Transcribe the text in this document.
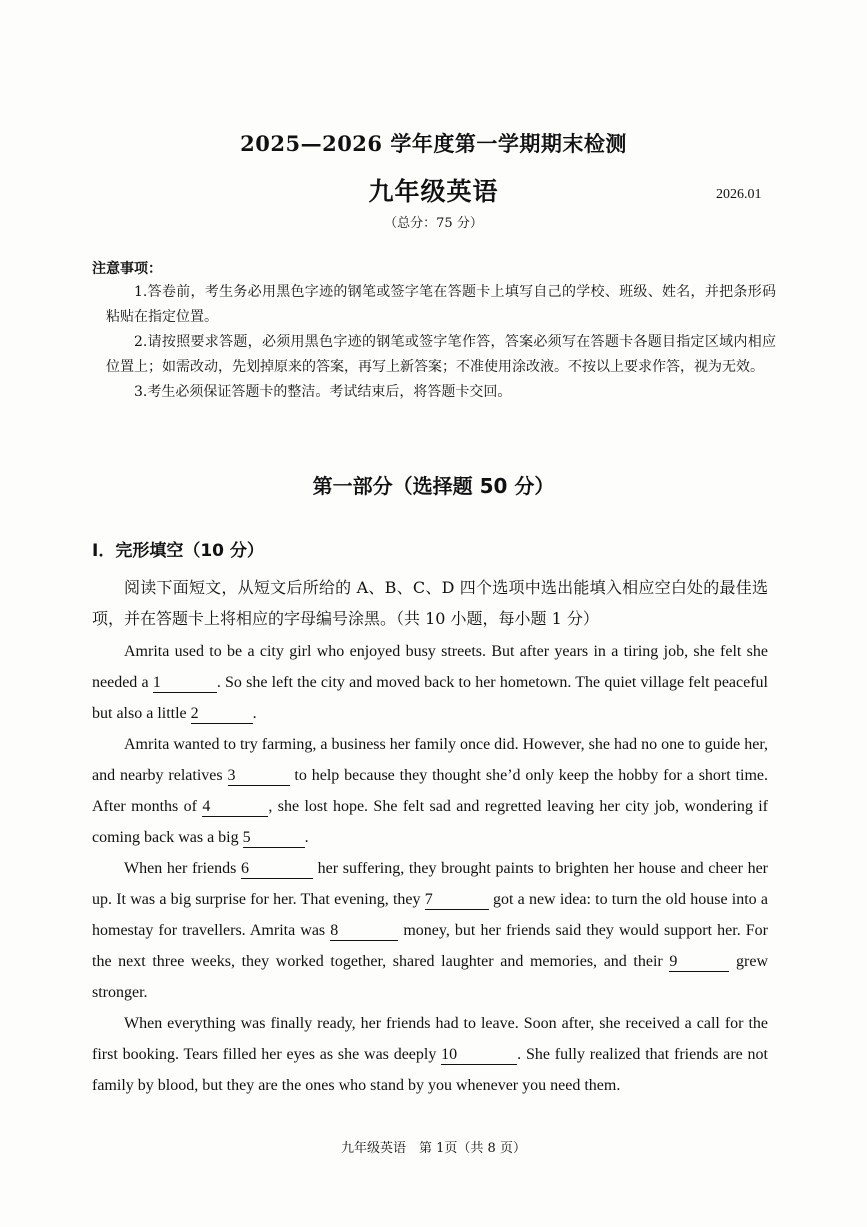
2025—2026 学年度第一学期期末检测
九年级英语	2026.01
（总分：75 分）
注意事项：

1.答卷前，考生务必用黑色字迹的钢笔或签字笔在答题卡上填写自己的学校、班级、姓名，并把条形码粘贴在指定位置。

2.请按照要求答题，必须用黑色字迹的钢笔或签字笔作答，答案必须写在答题卡各题目指定区域内相应位置上；如需改动，先划掉原来的答案，再写上新答案；不准使用涂改液。不按以上要求作答，视为无效。

3.考生必须保证答题卡的整洁。考试结束后，将答题卡交回。

第一部分（选择题 50 分）
I．完形填空（10 分）
阅读下面短文，从短文后所给的 A、B、C、D 四个选项中选出能填入相应空白处的最佳选项，并在答题卡上将相应的字母编号涂黑。（共 10 小题，每小题 1 分）

Amrita used to be a city girl who enjoyed busy streets. But after years in a tiring job, she felt she needed a 1	. So she left the city and moved back to her hometown. The quiet village felt peaceful but also a little 2	.

Amrita wanted to try farming, a business her family once did. However, she had no one to guide her, and nearby relatives 3	to help because they thought she’d only keep the hobby for a short time. After months of 4	, she lost hope. She felt sad and regretted leaving her city job, wondering if coming back was a big 5	.

When her friends 6	her suffering, they brought paints to brighten her house and cheer her up. It was a big surprise for her. That evening, they 7	got a new idea: to turn the old house into a homestay for travellers. Amrita was 8	money, but her friends said they would support her. For the next three weeks, they worked together, shared laughter and memories, and their 9	grew stronger.

When everything was finally ready, her friends had to leave. Soon after, she received a call for the first booking. Tears filled her eyes as she was deeply 10	. She fully realized that friends are not family by blood, but they are the ones who stand by you whenever you need them.

九年级英语　第 1页（共 8 页）
